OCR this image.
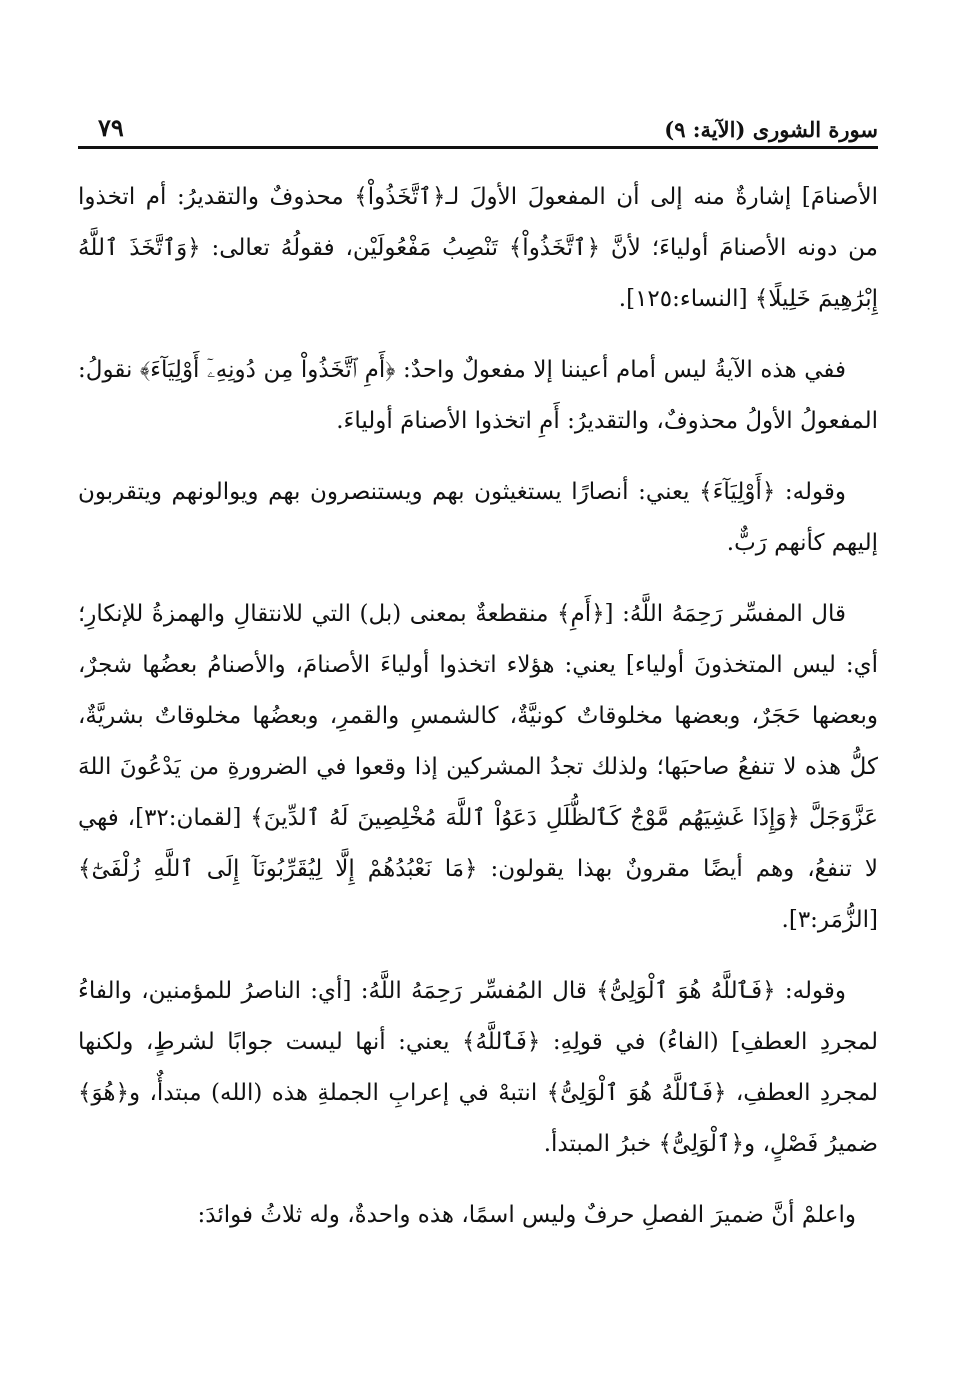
٧٩	سورة الشورى (الآية: ٩)

الأصنامَ] إشارةٌ منه إلى أن المفعولَ الأولَ لـ﴿ٱتَّخَذُواْ﴾ محذوفٌ والتقديرُ: أم اتخذوا من دونه الأصنامَ أولياءَ؛ لأنَّ ﴿ٱتَّخَذُواْ﴾ تَنْصِبُ مَفْعُولَيْن، فقولُهُ تعالى: ﴿وَٱتَّخَذَ ٱللَّهُ إِبْرَٰهِيمَ خَلِيلًا﴾ [النساء:١٢٥].

ففي هذه الآيةُ ليس أمام أعيننا إلا مفعولٌ واحدٌ: ﴿أَمِ ٱتَّخَذُواْ مِن دُونِهِۦٓ أَوْلِيَآءَ﴾ نقولُ: المفعولُ الأولُ محذوفٌ، والتقديرُ: أَمِ اتخذوا الأصنامَ أولياءَ.

وقوله: ﴿أَوْلِيَآءَ﴾ يعني: أنصارًا يستغيثون بهم ويستنصرون بهم ويوالونهم ويتقربون إليهم كأنهم رَبٌّ.

قال المفسِّر رَحِمَهُ اللَّهُ: [﴿أَمِ﴾ منقطعةٌ بمعنى (بل) التي للانتقالِ والهمزةُ للإنكارِ؛ أي: ليس المتخذونَ أولياء] يعني: هؤلاء اتخذوا أولياءَ الأصنامَ، والأصنامُ بعضُها شجرٌ، وبعضها حَجَرٌ، وبعضها مخلوقاتٌ كونيَّةٌ، كالشمسِ والقمرِ، وبعضُها مخلوقاتٌ بشريَّةٌ، كلُّ هذه لا تنفعُ صاحبَها؛ ولذلك تجدُ المشركين إذا وقعوا في الضرورةِ من يَدْعُونَ اللهَ عَزَّوَجَلَّ ﴿وَإِذَا غَشِيَهُم مَّوْجٌ كَٱلظُّلَلِ دَعَوُاْ ٱللَّهَ مُخْلِصِينَ لَهُ ٱلدِّينَ﴾ [لقمان:٣٢]، فهي لا تنفعُ، وهم أيضًا مقرونٌ بهذا يقولون: ﴿مَا نَعْبُدُهُمْ إِلَّا لِيُقَرِّبُونَآ إِلَى ٱللَّهِ زُلْفَىٰٓ﴾ [الزُّمَر:٣].

وقوله: ﴿فَٱللَّهُ هُوَ ٱلْوَلِىُّ﴾ قال المُفسِّر رَحِمَهُ اللَّهُ: [أي: الناصرُ للمؤمنين، والفاءُ لمجردِ العطفِ] (الفاءُ) في قولِهِ: ﴿فَٱللَّهُ﴾ يعني: أنها ليست جوابًا لشرطٍ، ولكنها لمجردِ العطفِ، ﴿فَٱللَّهُ هُوَ ٱلْوَلِىُّ﴾ انتبهْ في إعرابِ الجملةِ هذه (الله) مبتدأٌ، و﴿هُوَ﴾ ضميرُ فَصْلٍ، و﴿ٱلْوَلِىُّ﴾ خبرُ المبتدأ.

واعلمْ أنَّ ضميرَ الفصلِ حرفٌ وليس اسمًا، هذه واحدةٌ، وله ثلاثُ فوائدَ:
